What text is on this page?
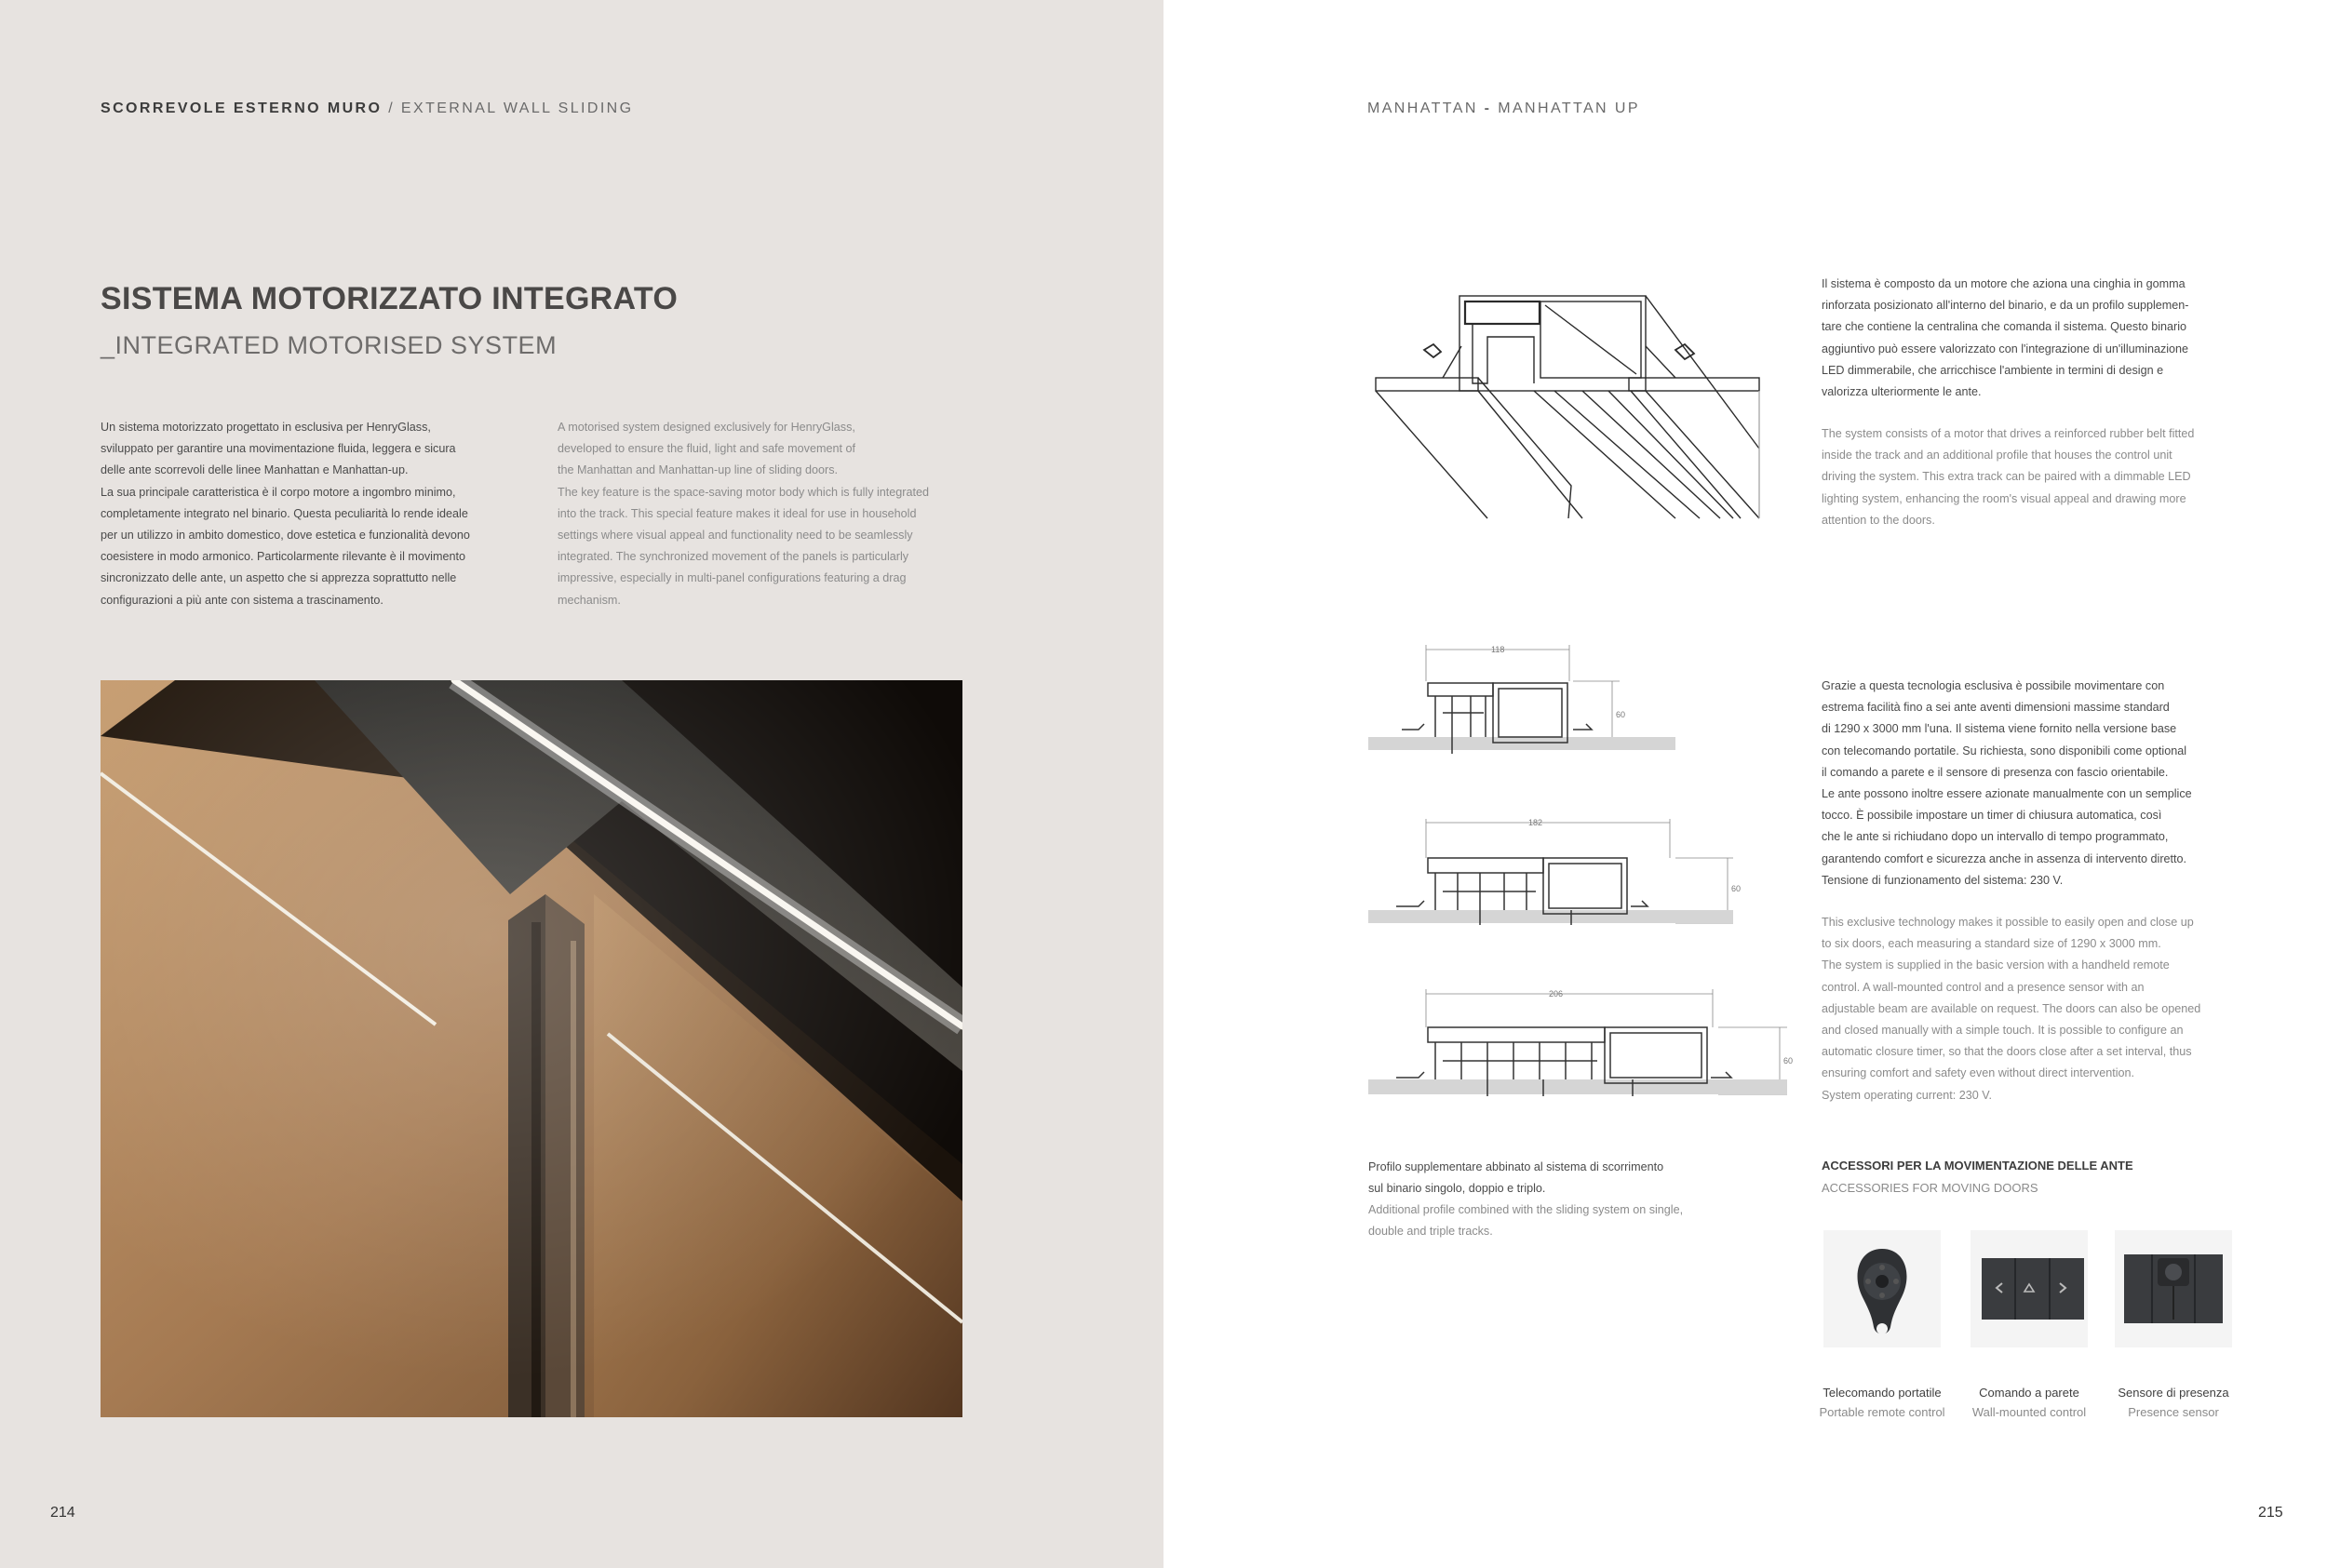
SCORREVOLE ESTERNO MURO / EXTERNAL WALL SLIDING
SISTEMA MOTORIZZATO INTEGRATO
_INTEGRATED MOTORISED SYSTEM
Un sistema motorizzato progettato in esclusiva per HenryGlass,
sviluppato per garantire una movimentazione fluida, leggera e sicura
delle ante scorrevoli delle linee Manhattan e Manhattan-up.
La sua principale caratteristica è il corpo motore a ingombro minimo,
completamente integrato nel binario. Questa peculiarità lo rende ideale
per un utilizzo in ambito domestico, dove estetica e funzionalità devono
coesistere in modo armonico. Particolarmente rilevante è il movimento
sincronizzato delle ante, un aspetto che si apprezza soprattutto nelle
configurazioni a più ante con sistema a trascinamento.
A motorised system designed exclusively for HenryGlass,
developed to ensure the fluid, light and safe movement of
the Manhattan and Manhattan-up line of sliding doors.
The key feature is the space-saving motor body which is fully integrated
into the track. This special feature makes it ideal for use in household
settings where visual appeal and functionality need to be seamlessly
integrated. The synchronized movement of the panels is particularly
impressive, especially in multi-panel configurations featuring a drag
mechanism.
214
MANHATTAN - MANHATTAN UP
118
60
182
60
206
60
Il sistema è composto da un motore che aziona una cinghia in gomma
rinforzata posizionato all'interno del binario, e da un profilo supplemen-
tare che contiene la centralina che comanda il sistema. Questo binario
aggiuntivo può essere valorizzato con l'integrazione di un'illuminazione
LED dimmerabile, che arricchisce l'ambiente in termini di design e
valorizza ulteriormente le ante.
The system consists of a motor that drives a reinforced rubber belt fitted
inside the track and an additional profile that houses the control unit
driving the system. This extra track can be paired with a dimmable LED
lighting system, enhancing the room's visual appeal and drawing more
attention to the doors.
Grazie a questa tecnologia esclusiva è possibile movimentare con
estrema facilità fino a sei ante aventi dimensioni massime standard
di 1290 x 3000 mm l'una. Il sistema viene fornito nella versione base
con telecomando portatile. Su richiesta, sono disponibili come optional
il comando a parete e il sensore di presenza con fascio orientabile.
Le ante possono inoltre essere azionate manualmente con un semplice
tocco. È possibile impostare un timer di chiusura automatica, così
che le ante si richiudano dopo un intervallo di tempo programmato,
garantendo comfort e sicurezza anche in assenza di intervento diretto.
Tensione di funzionamento del sistema: 230 V.
This exclusive technology makes it possible to easily open and close up
to six doors, each measuring a standard size of 1290 x 3000 mm.
The system is supplied in the basic version with a handheld remote
control. A wall-mounted control and a presence sensor with an
adjustable beam are available on request. The doors can also be opened
and closed manually with a simple touch. It is possible to configure an
automatic closure timer, so that the doors close after a set interval, thus
ensuring comfort and safety even without direct intervention.
System operating current: 230 V.
Profilo supplementare abbinato al sistema di scorrimento
sul binario singolo, doppio e triplo.
Additional profile combined with the sliding system on single,
double and triple tracks.
ACCESSORI PER LA MOVIMENTAZIONE DELLE ANTE
ACCESSORIES FOR MOVING DOORS
Telecomando portatile
Portable remote control
Comando a parete
Wall-mounted control
Sensore di presenza
Presence sensor
215
